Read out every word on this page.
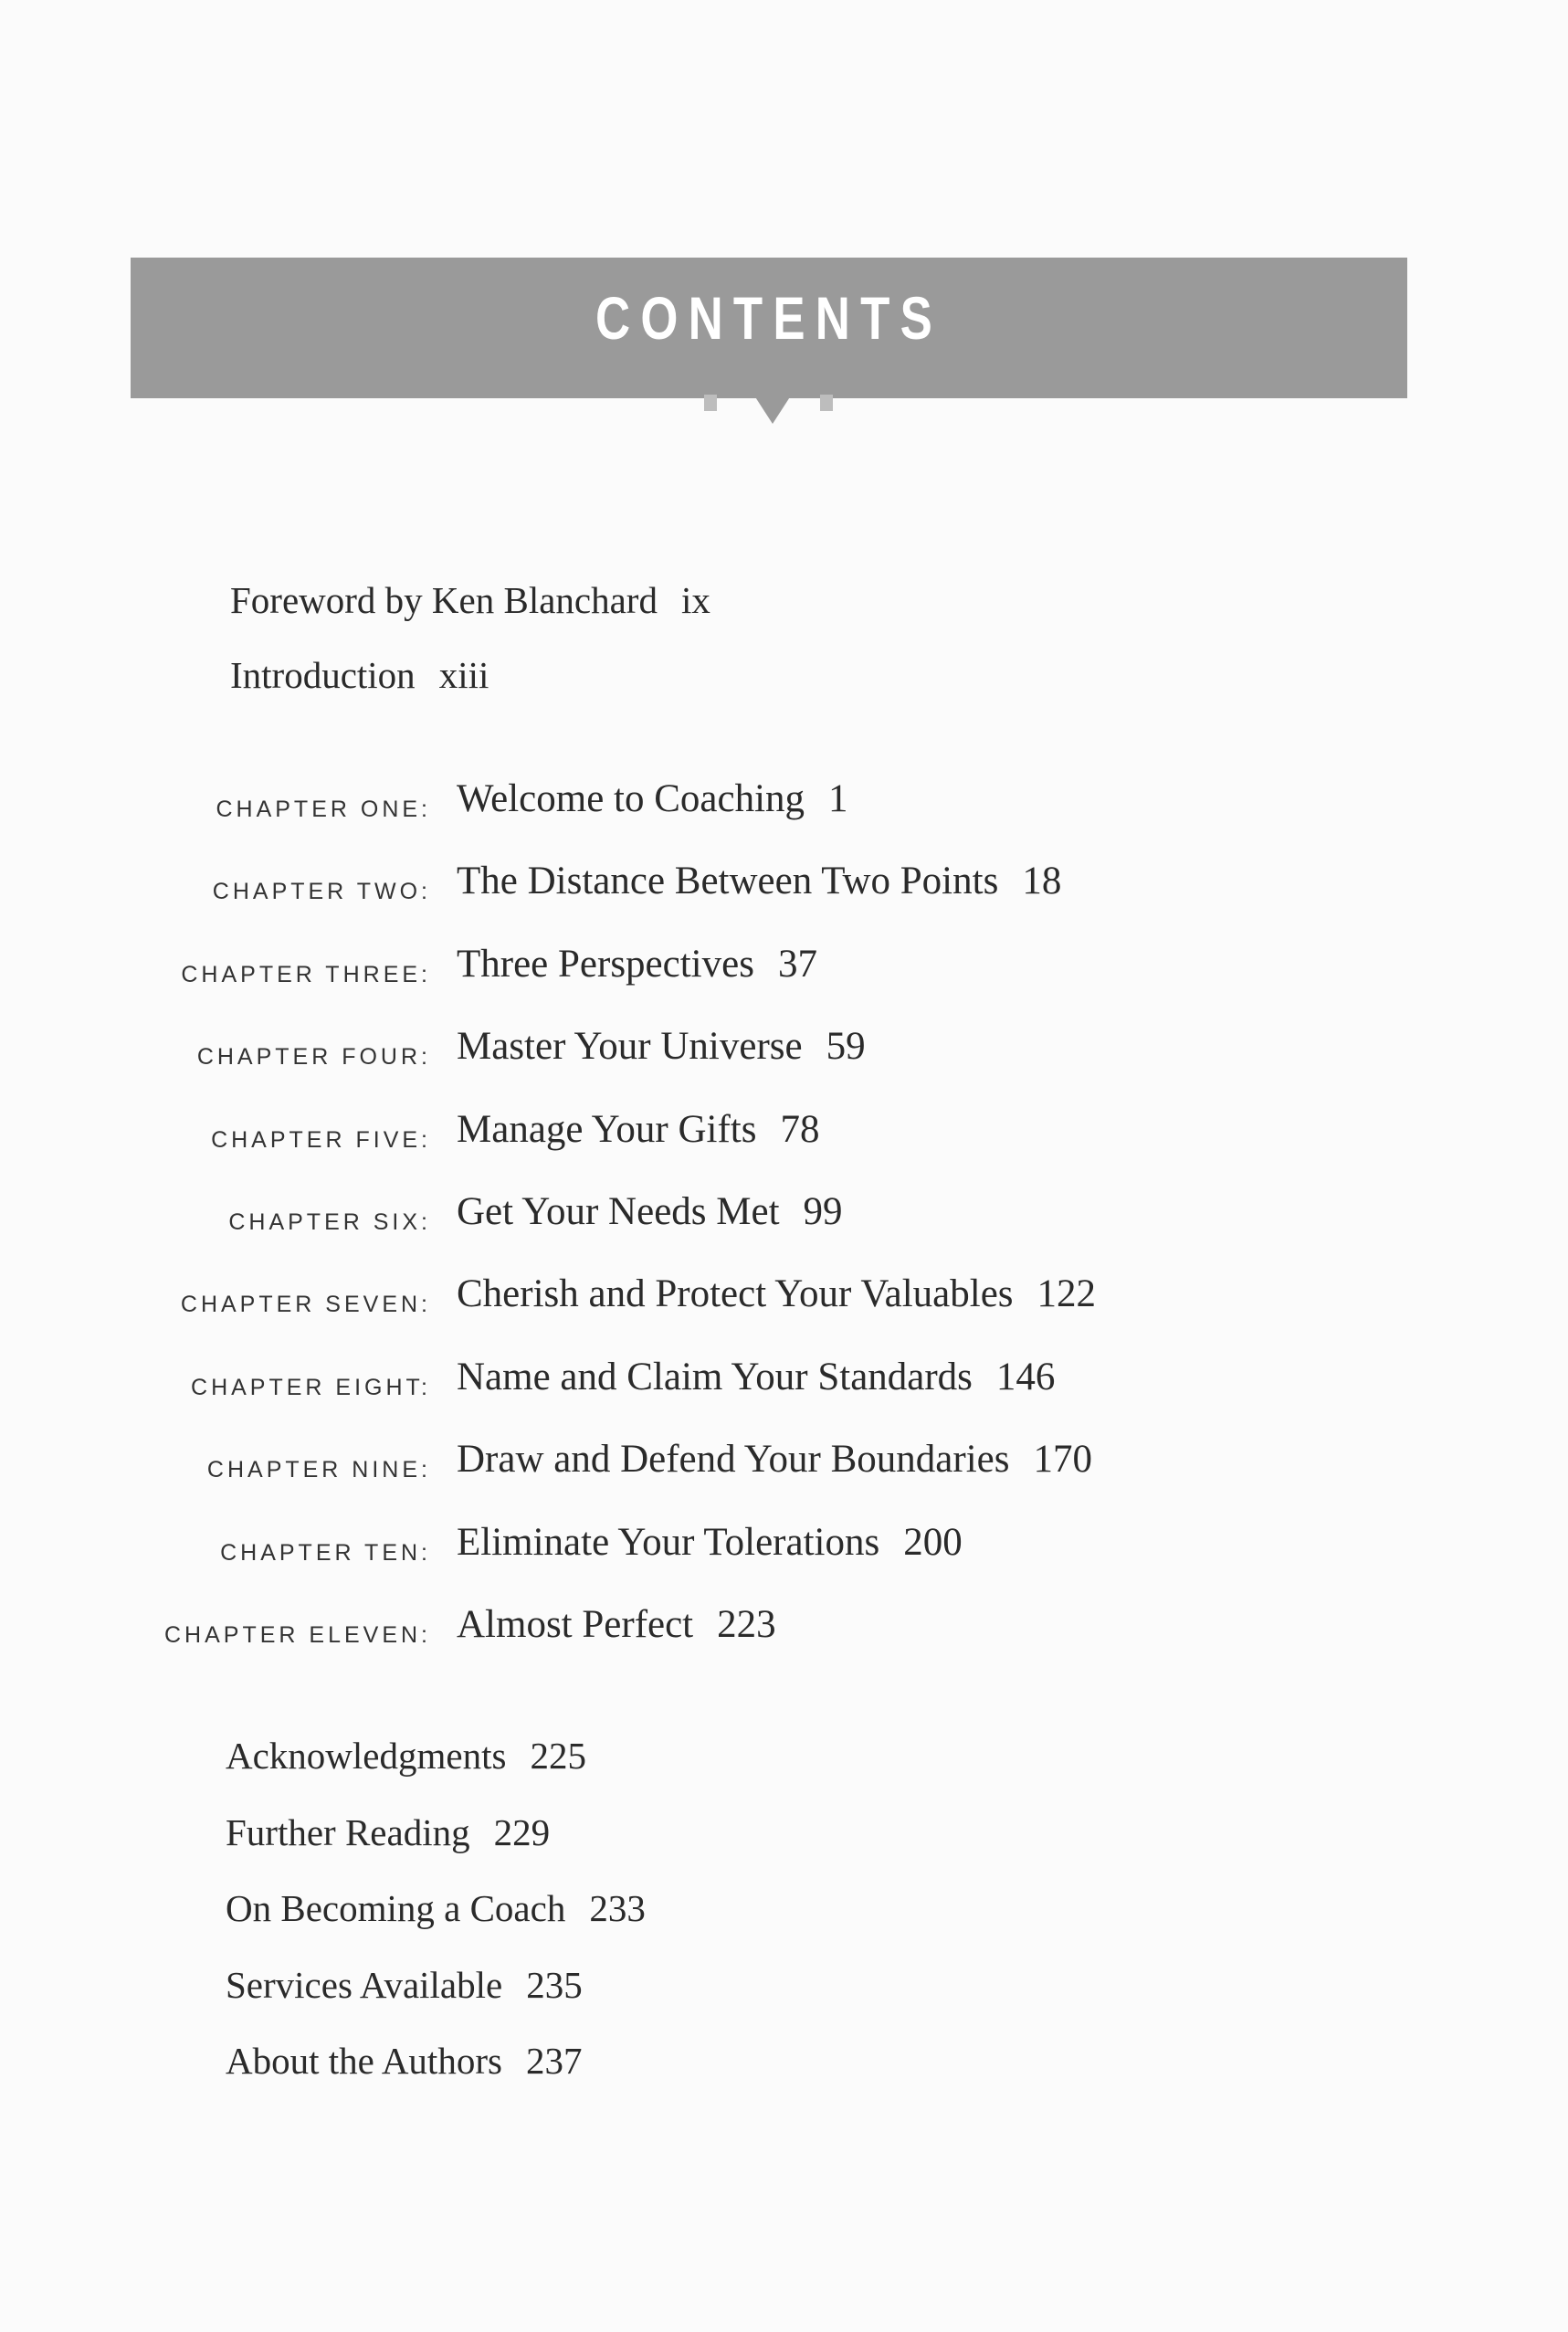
CONTENTS
Foreword by Ken Blanchard ix
Introduction xiii
CHAPTER ONE: Welcome to Coaching 1
CHAPTER TWO: The Distance Between Two Points 18
CHAPTER THREE: Three Perspectives 37
CHAPTER FOUR: Master Your Universe 59
CHAPTER FIVE: Manage Your Gifts 78
CHAPTER SIX: Get Your Needs Met 99
CHAPTER SEVEN: Cherish and Protect Your Valuables 122
CHAPTER EIGHT: Name and Claim Your Standards 146
CHAPTER NINE: Draw and Defend Your Boundaries 170
CHAPTER TEN: Eliminate Your Tolerations 200
CHAPTER ELEVEN: Almost Perfect 223
Acknowledgments 225
Further Reading 229
On Becoming a Coach 233
Services Available 235
About the Authors 237
